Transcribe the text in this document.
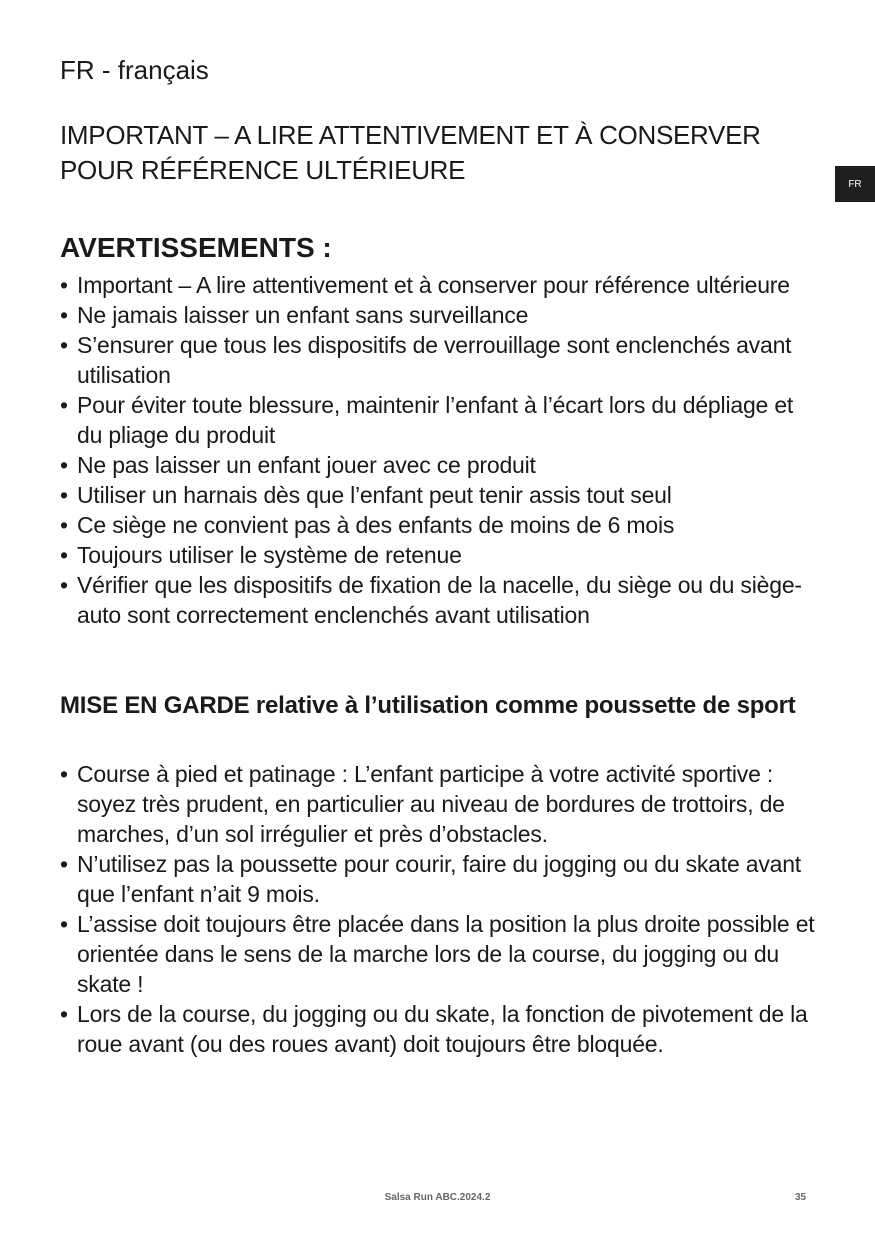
FR - français
IMPORTANT – A LIRE ATTENTIVEMENT ET À CONSERVER POUR RÉFÉRENCE ULTÉRIEURE	FR
AVERTISSEMENTS :
• Important – A lire attentivement et à conserver pour référence ultérieure
• Ne jamais laisser un enfant sans surveillance
• S’ensurer que tous les dispositifs de verrouillage sont enclenchés avant utilisation
• Pour éviter toute blessure, maintenir l’enfant à l’écart lors du dépliage et du pliage du produit
• Ne pas laisser un enfant jouer avec ce produit
• Utiliser un harnais dès que l’enfant peut tenir assis tout seul
• Ce siège ne convient pas à des enfants de moins de 6 mois
• Toujours utiliser le système de retenue
• Vérifier que les dispositifs de fixation de la nacelle, du siège ou du siège-auto sont correctement enclenchés avant utilisation
MISE EN GARDE relative à l’utilisation comme poussette de sport
• Course à pied et patinage : L’enfant participe à votre activité sportive : soyez très prudent, en particulier au niveau de bordures de trottoirs, de marches, d’un sol irrégulier et près d’obstacles.
• N’utilisez pas la poussette pour courir, faire du jogging ou du skate avant que l’enfant n’ait 9 mois.
• L’assise doit toujours être placée dans la position la plus droite possible et orientée dans le sens de la marche lors de la course, du jogging ou du skate !
• Lors de la course, du jogging ou du skate, la fonction de pivotement de la roue avant (ou des roues avant) doit toujours être bloquée.
Salsa Run ABC.2024.2	35
